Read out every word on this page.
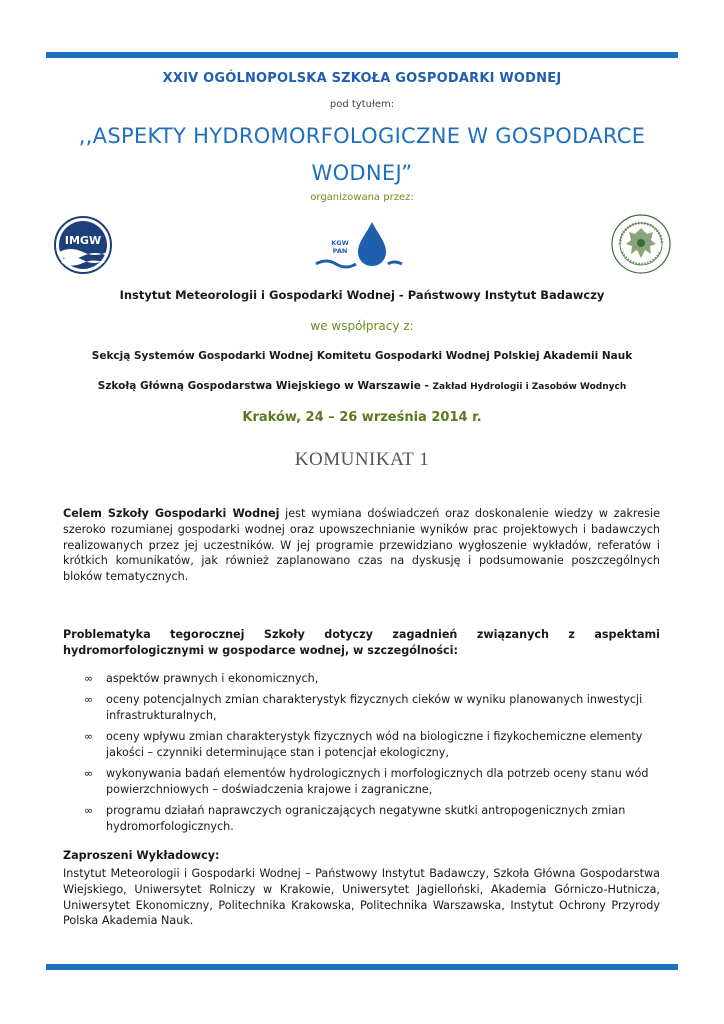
XXIV OGÓLNOPOLSKA SZKOŁA GOSPODARKI WODNEJ
pod tytułem:
,,ASPEKTY HYDROMORFOLOGICZNE W GOSPODARCE
WODNEJ”
organizowana przez:
IMGW	KGW
PAN
Instytut Meteorologii i Gospodarki Wodnej - Państwowy Instytut Badawczy
we współpracy z:
Sekcją Systemów Gospodarki Wodnej Komitetu Gospodarki Wodnej Polskiej Akademii Nauk
Szkołą Główną Gospodarstwa Wiejskiego w Warszawie - Zakład Hydrologii i Zasobów Wodnych
Kraków, 24 – 26 września 2014 r.
KOMUNIKAT 1
Celem Szkoły Gospodarki Wodnej jest wymiana doświadczeń oraz doskonalenie wiedzy w zakresie szeroko rozumianej gospodarki wodnej oraz upowszechnianie wyników prac projektowych i badawczych realizowanych przez jej uczestników. W jej programie przewidziano wygłoszenie wykładów, referatów i krótkich komunikatów, jak również zaplanowano czas na dyskusję i podsumowanie poszczególnych bloków tematycznych.
Problematyka tegorocznej Szkoły dotyczy zagadnień związanych z aspektami hydromorfologicznymi w gospodarce wodnej, w szczególności:
∞ aspektów prawnych i ekonomicznych,
∞ oceny potencjalnych zmian charakterystyk fizycznych cieków w wyniku planowanych inwestycji infrastrukturalnych,
∞ oceny wpływu zmian charakterystyk fizycznych wód na biologiczne i fizykochemiczne elementy jakości – czynniki determinujące stan i potencjał ekologiczny,
∞ wykonywania badań elementów hydrologicznych i morfologicznych dla potrzeb oceny stanu wód powierzchniowych – doświadczenia krajowe i zagraniczne,
∞ programu działań naprawczych ograniczających negatywne skutki antropogenicznych zmian hydromorfologicznych.
Zaproszeni Wykładowcy:
Instytut Meteorologii i Gospodarki Wodnej – Państwowy Instytut Badawczy, Szkoła Główna Gospodarstwa Wiejskiego, Uniwersytet Rolniczy w Krakowie, Uniwersytet Jagielloński, Akademia Górniczo-Hutnicza, Uniwersytet Ekonomiczny, Politechnika Krakowska, Politechnika Warszawska, Instytut Ochrony Przyrody Polska Akademia Nauk.
